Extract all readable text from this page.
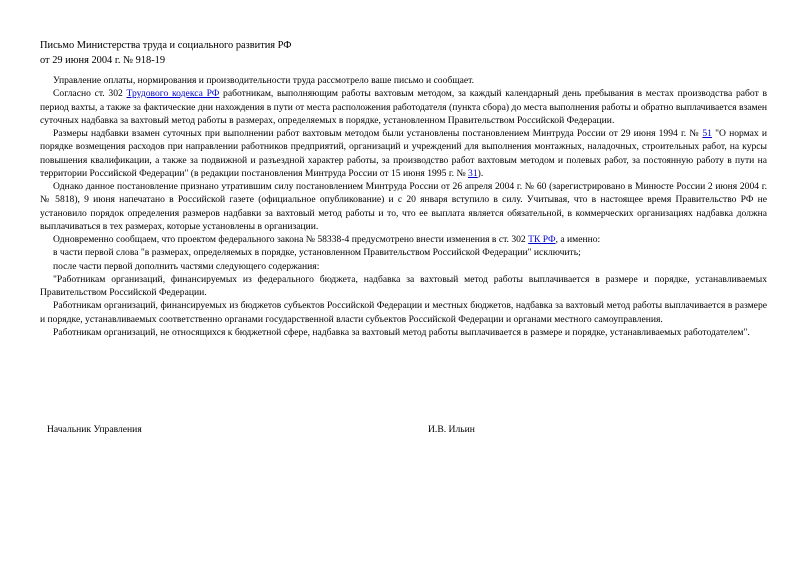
Письмо Министерства труда и социального развития РФ
от 29 июня 2004 г. № 918-19

Управление оплаты, нормирования и производительности труда рассмотрело ваше письмо и сообщает.

Согласно ст. 302 Трудового кодекса РФ работникам, выполняющим работы вахтовым методом, за каждый календарный день пребывания в местах производства работ в период вахты, а также за фактические дни нахождения в пути от места расположения работодателя (пункта сбора) до места выполнения работы и обратно выплачивается взамен суточных надбавка за вахтовый метод работы в размерах, определяемых в порядке, установленном Правительством Российской Федерации.

Размеры надбавки взамен суточных при выполнении работ вахтовым методом были установлены постановлением Минтруда России от 29 июня 1994 г. № 51 "О нормах и порядке возмещения расходов при направлении работников предприятий, организаций и учреждений для выполнения монтажных, наладочных, строительных работ, на курсы повышения квалификации, а также за подвижной и разъездной характер работы, за производство работ вахтовым методом и полевых работ, за постоянную работу в пути на территории Российской Федерации" (в редакции постановления Минтруда России от 15 июня 1995 г. № 31).

Однако данное постановление признано утратившим силу постановлением Минтруда России от 26 апреля 2004 г. № 60 (зарегистрировано в Минюсте России 2 июня 2004 г. № 5818), 9 июня напечатано в Российской газете (официальное опубликование) и с 20 января вступило в силу. Учитывая, что в настоящее время Правительство РФ не установило порядок определения размеров надбавки за вахтовый метод работы и то, что ее выплата является обязательной, в коммерческих организациях надбавка должна выплачиваться в тех размерах, которые установлены в организации.

Одновременно сообщаем, что проектом федерального закона № 58338-4 предусмотрено внести изменения в ст. 302 ТК РФ, а именно:

в части первой слова "в размерах, определяемых в порядке, установленном Правительством Российской Федерации" исключить;

после части первой дополнить частями следующего содержания:

"Работникам организаций, финансируемых из федерального бюджета, надбавка за вахтовый метод работы выплачивается в размере и порядке, устанавливаемых Правительством Российской Федерации.

Работникам организаций, финансируемых из бюджетов субъектов Российской Федерации и местных бюджетов, надбавка за вахтовый метод работы выплачивается в размере и порядке, устанавливаемых соответственно органами государственной власти субъектов Российской Федерации и органами местного самоуправления.

Работникам организаций, не относящихся к бюджетной сфере, надбавка за вахтовый метод работы выплачивается в размере и порядке, устанавливаемых работодателем".

Начальник Управления	И.В. Ильин
